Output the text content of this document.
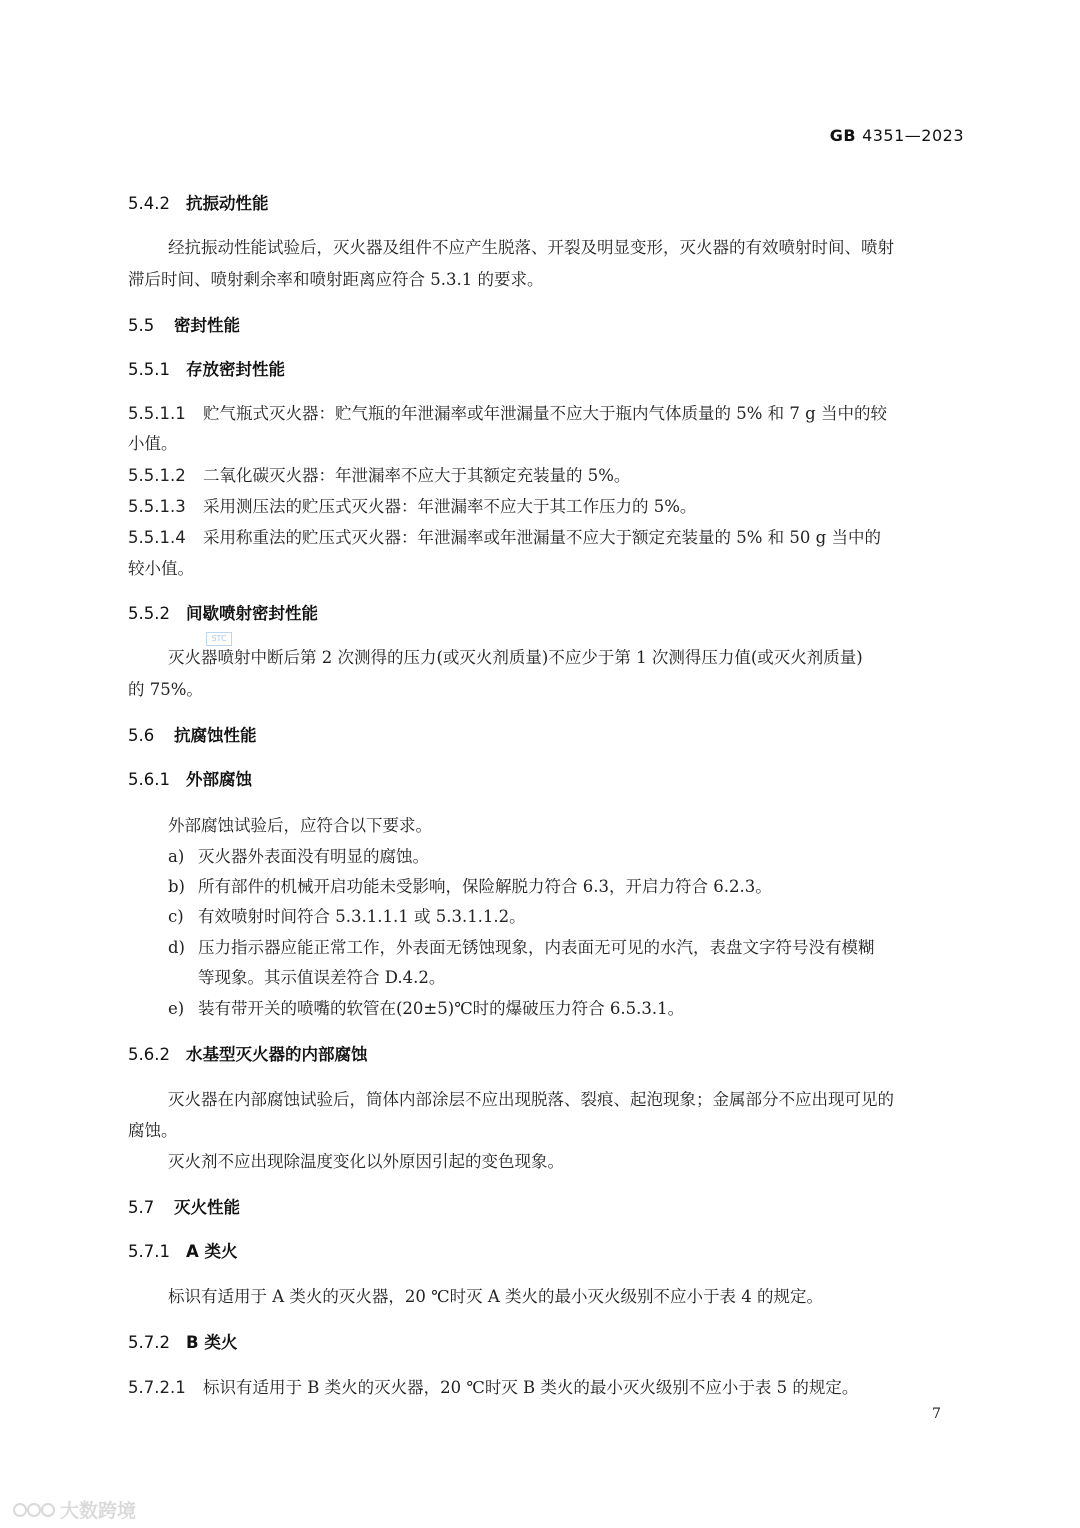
GB 4351—2023
5.4.2 抗振动性能
经抗振动性能试验后，灭火器及组件不应产生脱落、开裂及明显变形，灭火器的有效喷射时间、喷射
滞后时间、喷射剩余率和喷射距离应符合 5.3.1 的要求。
5.5 密封性能
5.5.1 存放密封性能
5.5.1.1 贮气瓶式灭火器：贮气瓶的年泄漏率或年泄漏量不应大于瓶内气体质量的 5% 和 7 g 当中的较
小值。
5.5.1.2 二氧化碳灭火器：年泄漏率不应大于其额定充装量的 5%。
5.5.1.3 采用测压法的贮压式灭火器：年泄漏率不应大于其工作压力的 5%。
5.5.1.4 采用称重法的贮压式灭火器：年泄漏率或年泄漏量不应大于额定充装量的 5% 和 50 g 当中的
较小值。
5.5.2 间歇喷射密封性能
STC
灭火器喷射中断后第 2 次测得的压力(或灭火剂质量)不应少于第 1 次测得压力值(或灭火剂质量)
的 75%。
5.6 抗腐蚀性能
5.6.1 外部腐蚀
外部腐蚀试验后，应符合以下要求。
a) 灭火器外表面没有明显的腐蚀。
b) 所有部件的机械开启功能未受影响，保险解脱力符合 6.3，开启力符合 6.2.3。
c) 有效喷射时间符合 5.3.1.1.1 或 5.3.1.1.2。
d) 压力指示器应能正常工作，外表面无锈蚀现象，内表面无可见的水汽，表盘文字符号没有模糊
等现象。其示值误差符合 D.4.2。
e) 装有带开关的喷嘴的软管在(20±5)℃时的爆破压力符合 6.5.3.1。
5.6.2 水基型灭火器的内部腐蚀
灭火器在内部腐蚀试验后，筒体内部涂层不应出现脱落、裂痕、起泡现象；金属部分不应出现可见的
腐蚀。
灭火剂不应出现除温度变化以外原因引起的变色现象。
5.7 灭火性能
5.7.1 A 类火
标识有适用于 A 类火的灭火器，20 ℃时灭 A 类火的最小灭火级别不应小于表 4 的规定。
5.7.2 B 类火
5.7.2.1 标识有适用于 B 类火的灭火器，20 ℃时灭 B 类火的最小灭火级别不应小于表 5 的规定。
7
大数跨境
